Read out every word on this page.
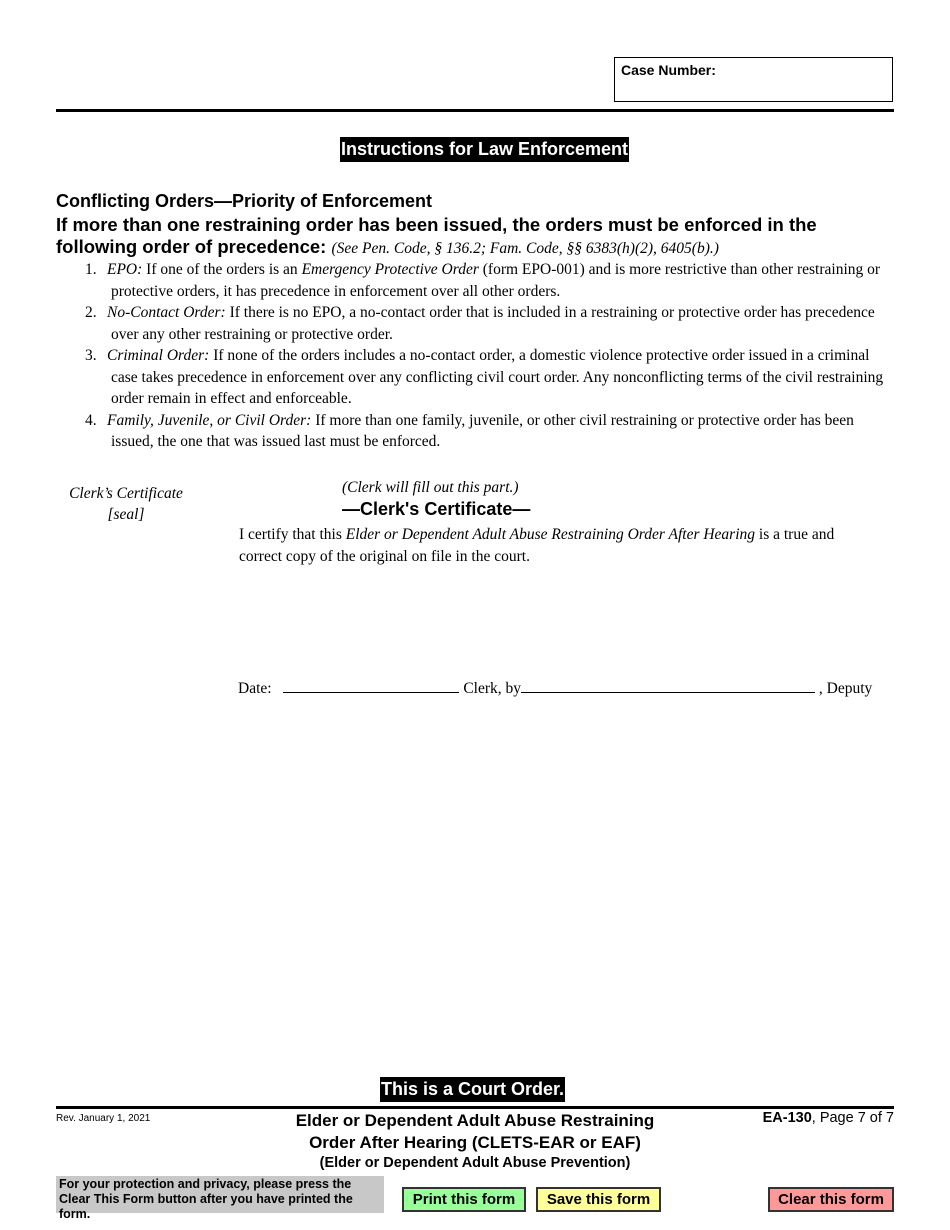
Case Number:
Instructions for Law Enforcement
Conflicting Orders—Priority of Enforcement
If more than one restraining order has been issued, the orders must be enforced in the following order of precedence: (See Pen. Code, § 136.2; Fam. Code, §§ 6383(h)(2), 6405(b).)
1. EPO: If one of the orders is an Emergency Protective Order (form EPO-001) and is more restrictive than other restraining or protective orders, it has precedence in enforcement over all other orders.
2. No-Contact Order: If there is no EPO, a no-contact order that is included in a restraining or protective order has precedence over any other restraining or protective order.
3. Criminal Order: If none of the orders includes a no-contact order, a domestic violence protective order issued in a criminal case takes precedence in enforcement over any conflicting civil court order. Any nonconflicting terms of the civil restraining order remain in effect and enforceable.
4. Family, Juvenile, or Civil Order: If more than one family, juvenile, or other civil restraining or protective order has been issued, the one that was issued last must be enforced.
Clerk’s Certificate
[seal]
(Clerk will fill out this part.)
—Clerk's Certificate—
I certify that this Elder or Dependent Adult Abuse Restraining Order After Hearing is a true and correct copy of the original on file in the court.
Date:	Clerk, by	, Deputy
This is a Court Order.
Rev. January 1, 2021	Elder or Dependent Adult Abuse Restraining
Order After Hearing (CLETS-EAR or EAF)
(Elder or Dependent Adult Abuse Prevention)
EA-130, Page 7 of 7
For your protection and privacy, please press the Clear This Form button after you have printed the form.
Print this form	Save this form	Clear this form
